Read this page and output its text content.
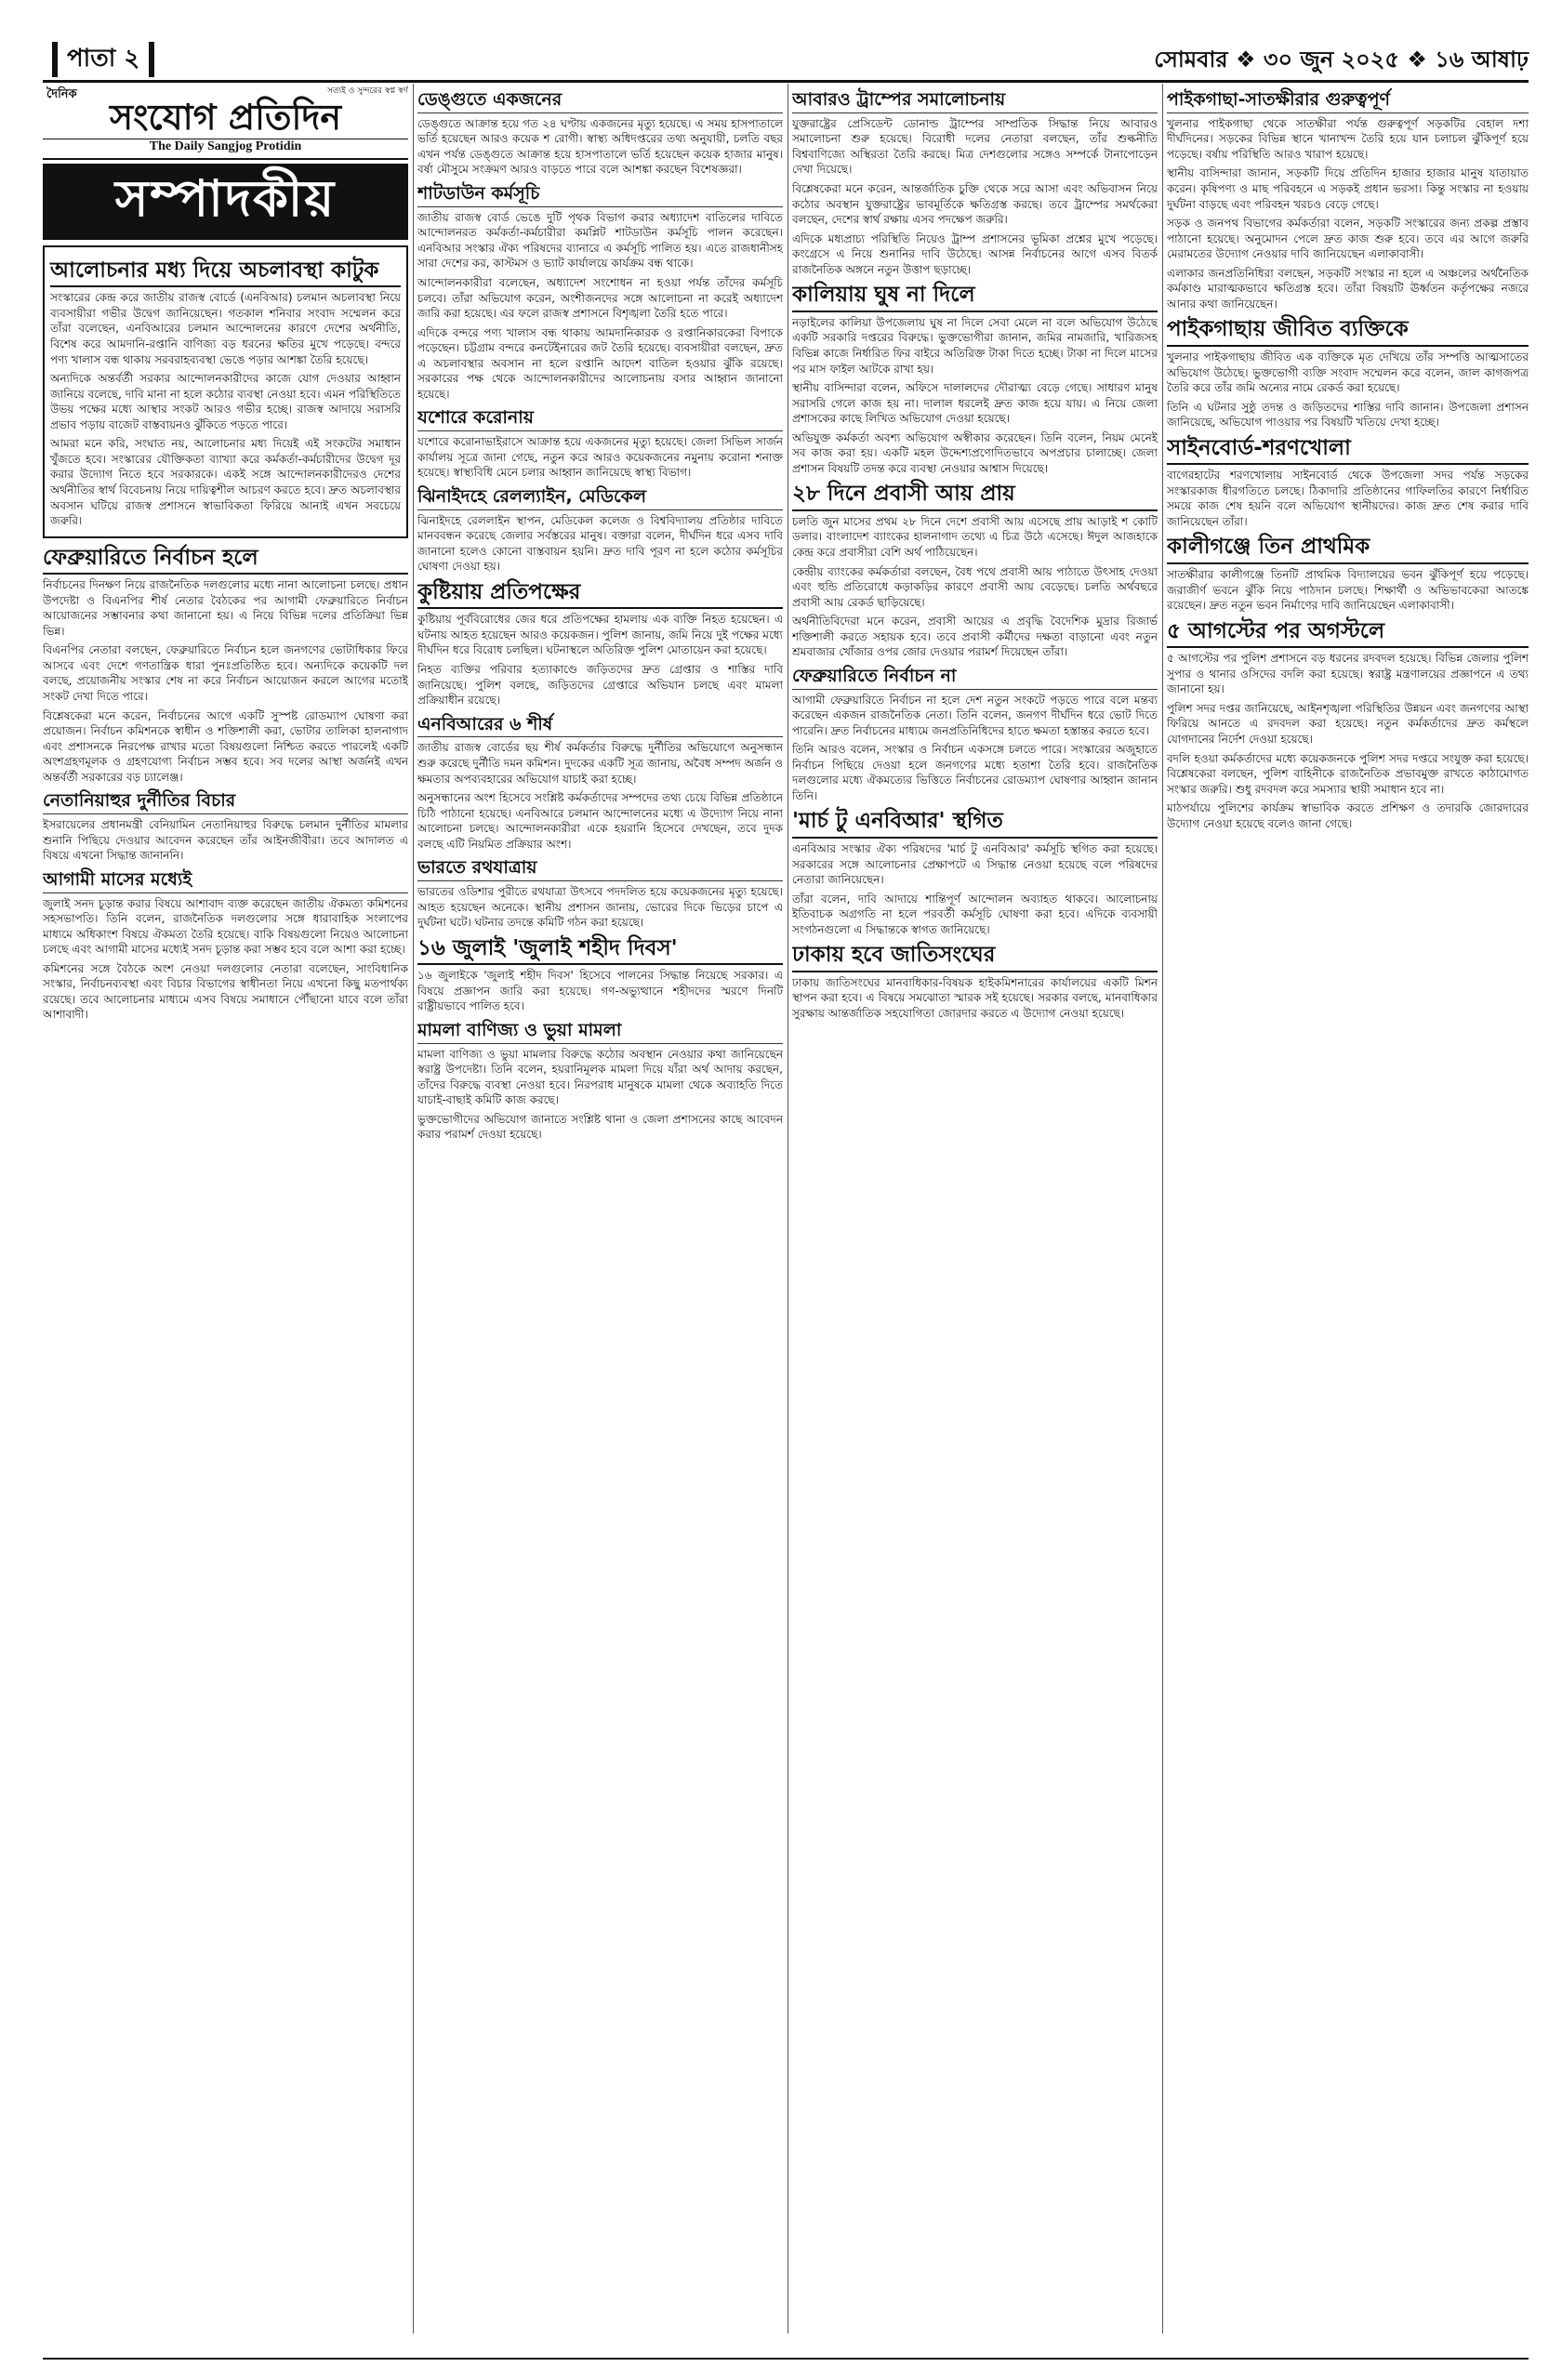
পাতা ২	সোমবার ❖ ৩০ জুন ২০২৫ ❖ ১৬ আষাঢ়
সত্যই ও সুন্দরের স্বপ্ন স্বর্ণ
দৈনিক
সংযোগ প্রতিদিন
The Daily Sangjog Protidin
সম্পাদকীয়
আলোচনার মধ্য দিয়ে অচলাবস্থা কাটুক

সংস্কারের কেন্দ্র করে জাতীয় রাজস্ব বোর্ডে (এনবিআর) চলমান অচলাবস্থা নিয়ে ব্যবসায়ীরা গভীর উদ্বেগ জানিয়েছেন। গতকাল শনিবার সংবাদ সম্মেলন করে তাঁরা বলেছেন, এনবিআরের চলমান আন্দোলনের কারণে দেশের অর্থনীতি, বিশেষ করে আমদানি-রপ্তানি বাণিজ্য বড় ধরনের ক্ষতির মুখে পড়েছে। বন্দরে পণ্য খালাস বন্ধ থাকায় সরবরাহব্যবস্থা ভেঙে পড়ার আশঙ্কা তৈরি হয়েছে।

অন্যদিকে অন্তর্বর্তী সরকার আন্দোলনকারীদের কাজে যোগ দেওয়ার আহ্বান জানিয়ে বলেছে, দাবি মানা না হলে কঠোর ব্যবস্থা নেওয়া হবে। এমন পরিস্থিতিতে উভয় পক্ষের মধ্যে আস্থার সংকট আরও গভীর হচ্ছে। রাজস্ব আদায়ে সরাসরি প্রভাব পড়ায় বাজেট বাস্তবায়নও ঝুঁকিতে পড়তে পারে।

আমরা মনে করি, সংঘাত নয়, আলোচনার মধ্য দিয়েই এই সংকটের সমাধান খুঁজতে হবে। সংস্কারের যৌক্তিকতা ব্যাখ্যা করে কর্মকর্তা-কর্মচারীদের উদ্বেগ দূর করার উদ্যোগ নিতে হবে সরকারকে। একই সঙ্গে আন্দোলনকারীদেরও দেশের অর্থনীতির স্বার্থ বিবেচনায় নিয়ে দায়িত্বশীল আচরণ করতে হবে। দ্রুত অচলাবস্থার অবসান ঘটিয়ে রাজস্ব প্রশাসনে স্বাভাবিকতা ফিরিয়ে আনাই এখন সবচেয়ে জরুরি।

ফেব্রুয়ারিতে নির্বাচন হলে

নির্বাচনের দিনক্ষণ নিয়ে রাজনৈতিক দলগুলোর মধ্যে নানা আলোচনা চলছে। প্রধান উপদেষ্টা ও বিএনপির শীর্ষ নেতার বৈঠকের পর আগামী ফেব্রুয়ারিতে নির্বাচন আয়োজনের সম্ভাবনার কথা জানানো হয়। এ নিয়ে বিভিন্ন দলের প্রতিক্রিয়া ভিন্ন ভিন্ন।

বিএনপির নেতারা বলছেন, ফেব্রুয়ারিতে নির্বাচন হলে জনগণের ভোটাধিকার ফিরে আসবে এবং দেশে গণতান্ত্রিক ধারা পুনঃপ্রতিষ্ঠিত হবে। অন্যদিকে কয়েকটি দল বলছে, প্রয়োজনীয় সংস্কার শেষ না করে নির্বাচন আয়োজন করলে আগের মতোই সংকট দেখা দিতে পারে।

বিশ্লেষকেরা মনে করেন, নির্বাচনের আগে একটি সুস্পষ্ট রোডম্যাপ ঘোষণা করা প্রয়োজন। নির্বাচন কমিশনকে স্বাধীন ও শক্তিশালী করা, ভোটার তালিকা হালনাগাদ এবং প্রশাসনকে নিরপেক্ষ রাখার মতো বিষয়গুলো নিশ্চিত করতে পারলেই একটি অংশগ্রহণমূলক ও গ্রহণযোগ্য নির্বাচন সম্ভব হবে। সব দলের আস্থা অর্জনই এখন অন্তর্বর্তী সরকারের বড় চ্যালেঞ্জ।

নেতানিয়াহুর দুর্নীতির বিচার

ইসরায়েলের প্রধানমন্ত্রী বেনিয়ামিন নেতানিয়াহুর বিরুদ্ধে চলমান দুর্নীতির মামলার শুনানি পিছিয়ে দেওয়ার আবেদন করেছেন তাঁর আইনজীবীরা। তবে আদালত এ বিষয়ে এখনো সিদ্ধান্ত জানাননি।

আগামী মাসের মধ্যেই

জুলাই সনদ চূড়ান্ত করার বিষয়ে আশাবাদ ব্যক্ত করেছেন জাতীয় ঐকমত্য কমিশনের সহসভাপতি। তিনি বলেন, রাজনৈতিক দলগুলোর সঙ্গে ধারাবাহিক সংলাপের মাধ্যমে অধিকাংশ বিষয়ে ঐকমত্য তৈরি হয়েছে। বাকি বিষয়গুলো নিয়েও আলোচনা চলছে এবং আগামী মাসের মধ্যেই সনদ চূড়ান্ত করা সম্ভব হবে বলে আশা করা হচ্ছে।

কমিশনের সঙ্গে বৈঠকে অংশ নেওয়া দলগুলোর নেতারা বলেছেন, সাংবিধানিক সংস্কার, নির্বাচনব্যবস্থা এবং বিচার বিভাগের স্বাধীনতা নিয়ে এখনো কিছু মতপার্থক্য রয়েছে। তবে আলোচনার মাধ্যমে এসব বিষয়ে সমাধানে পৌঁছানো যাবে বলে তাঁরা আশাবাদী।

ডেঙ্গুতে একজনের

ডেঙ্গুতে আক্রান্ত হয়ে গত ২৪ ঘণ্টায় একজনের মৃত্যু হয়েছে। এ সময় হাসপাতালে ভর্তি হয়েছেন আরও কয়েক শ রোগী। স্বাস্থ্য অধিদপ্তরের তথ্য অনুযায়ী, চলতি বছর এখন পর্যন্ত ডেঙ্গুতে আক্রান্ত হয়ে হাসপাতালে ভর্তি হয়েছেন কয়েক হাজার মানুষ। বর্ষা মৌসুমে সংক্রমণ আরও বাড়তে পারে বলে আশঙ্কা করছেন বিশেষজ্ঞরা।

শাটডাউন কর্মসূচি

জাতীয় রাজস্ব বোর্ড ভেঙে দুটি পৃথক বিভাগ করার অধ্যাদেশ বাতিলের দাবিতে আন্দোলনরত কর্মকর্তা-কর্মচারীরা কমপ্লিট শাটডাউন কর্মসূচি পালন করেছেন। এনবিআর সংস্কার ঐক্য পরিষদের ব্যানারে এ কর্মসূচি পালিত হয়। এতে রাজধানীসহ সারা দেশের কর, কাস্টমস ও ভ্যাট কার্যালয়ে কার্যক্রম বন্ধ থাকে।

আন্দোলনকারীরা বলেছেন, অধ্যাদেশ সংশোধন না হওয়া পর্যন্ত তাঁদের কর্মসূচি চলবে। তাঁরা অভিযোগ করেন, অংশীজনদের সঙ্গে আলোচনা না করেই অধ্যাদেশ জারি করা হয়েছে। এর ফলে রাজস্ব প্রশাসনে বিশৃঙ্খলা তৈরি হতে পারে।

এদিকে বন্দরে পণ্য খালাস বন্ধ থাকায় আমদানিকারক ও রপ্তানিকারকেরা বিপাকে পড়েছেন। চট্টগ্রাম বন্দরে কনটেইনারের জট তৈরি হয়েছে। ব্যবসায়ীরা বলছেন, দ্রুত এ অচলাবস্থার অবসান না হলে রপ্তানি আদেশ বাতিল হওয়ার ঝুঁকি রয়েছে। সরকারের পক্ষ থেকে আন্দোলনকারীদের আলোচনায় বসার আহ্বান জানানো হয়েছে।

যশোরে করোনায়

যশোরে করোনাভাইরাসে আক্রান্ত হয়ে একজনের মৃত্যু হয়েছে। জেলা সিভিল সার্জন কার্যালয় সূত্রে জানা গেছে, নতুন করে আরও কয়েকজনের নমুনায় করোনা শনাক্ত হয়েছে। স্বাস্থ্যবিধি মেনে চলার আহ্বান জানিয়েছে স্বাস্থ্য বিভাগ।

ঝিনাইদহে রেলল্যাইন, মেডিকেল

ঝিনাইদহে রেললাইন স্থাপন, মেডিকেল কলেজ ও বিশ্ববিদ্যালয় প্রতিষ্ঠার দাবিতে মানববন্ধন করেছে জেলার সর্বস্তরের মানুষ। বক্তারা বলেন, দীর্ঘদিন ধরে এসব দাবি জানানো হলেও কোনো বাস্তবায়ন হয়নি। দ্রুত দাবি পূরণ না হলে কঠোর কর্মসূচির ঘোষণা দেওয়া হয়।

কুষ্টিয়ায় প্রতিপক্ষের

কুষ্টিয়ায় পূর্ববিরোধের জের ধরে প্রতিপক্ষের হামলায় এক ব্যক্তি নিহত হয়েছেন। এ ঘটনায় আহত হয়েছেন আরও কয়েকজন। পুলিশ জানায়, জমি নিয়ে দুই পক্ষের মধ্যে দীর্ঘদিন ধরে বিরোধ চলছিল। ঘটনাস্থলে অতিরিক্ত পুলিশ মোতায়েন করা হয়েছে।

নিহত ব্যক্তির পরিবার হত্যাকাণ্ডে জড়িতদের দ্রুত গ্রেপ্তার ও শাস্তির দাবি জানিয়েছে। পুলিশ বলছে, জড়িতদের গ্রেপ্তারে অভিযান চলছে এবং মামলা প্রক্রিয়াধীন রয়েছে।

এনবিআরের ৬ শীর্ষ

জাতীয় রাজস্ব বোর্ডের ছয় শীর্ষ কর্মকর্তার বিরুদ্ধে দুর্নীতির অভিযোগে অনুসন্ধান শুরু করেছে দুর্নীতি দমন কমিশন। দুদকের একটি সূত্র জানায়, অবৈধ সম্পদ অর্জন ও ক্ষমতার অপব্যবহারের অভিযোগ যাচাই করা হচ্ছে।

অনুসন্ধানের অংশ হিসেবে সংশ্লিষ্ট কর্মকর্তাদের সম্পদের তথ্য চেয়ে বিভিন্ন প্রতিষ্ঠানে চিঠি পাঠানো হয়েছে। এনবিআরে চলমান আন্দোলনের মধ্যে এ উদ্যোগ নিয়ে নানা আলোচনা চলছে। আন্দোলনকারীরা একে হয়রানি হিসেবে দেখছেন, তবে দুদক বলছে এটি নিয়মিত প্রক্রিয়ার অংশ।

ভারতে রথযাত্রায়

ভারতের ওডিশার পুরীতে রথযাত্রা উৎসবে পদদলিত হয়ে কয়েকজনের মৃত্যু হয়েছে। আহত হয়েছেন অনেকে। স্থানীয় প্রশাসন জানায়, ভোরের দিকে ভিড়ের চাপে এ দুর্ঘটনা ঘটে। ঘটনার তদন্তে কমিটি গঠন করা হয়েছে।

১৬ জুলাই 'জুলাই শহীদ দিবস'

১৬ জুলাইকে 'জুলাই শহীদ দিবস' হিসেবে পালনের সিদ্ধান্ত নিয়েছে সরকার। এ বিষয়ে প্রজ্ঞাপন জারি করা হয়েছে। গণ-অভ্যুত্থানে শহীদদের স্মরণে দিনটি রাষ্ট্রীয়ভাবে পালিত হবে।

মামলা বাণিজ্য ও ভুয়া মামলা

মামলা বাণিজ্য ও ভুয়া মামলার বিরুদ্ধে কঠোর অবস্থান নেওয়ার কথা জানিয়েছেন স্বরাষ্ট্র উপদেষ্টা। তিনি বলেন, হয়রানিমূলক মামলা দিয়ে যাঁরা অর্থ আদায় করছেন, তাঁদের বিরুদ্ধে ব্যবস্থা নেওয়া হবে। নিরপরাধ মানুষকে মামলা থেকে অব্যাহতি দিতে যাচাই-বাছাই কমিটি কাজ করছে।

ভুক্তভোগীদের অভিযোগ জানাতে সংশ্লিষ্ট থানা ও জেলা প্রশাসনের কাছে আবেদন করার পরামর্শ দেওয়া হয়েছে।

আবারও ট্রাম্পের সমালোচনায়

যুক্তরাষ্ট্রের প্রেসিডেন্ট ডোনাল্ড ট্রাম্পের সাম্প্রতিক সিদ্ধান্ত নিয়ে আবারও সমালোচনা শুরু হয়েছে। বিরোধী দলের নেতারা বলছেন, তাঁর শুল্কনীতি বিশ্ববাণিজ্যে অস্থিরতা তৈরি করছে। মিত্র দেশগুলোর সঙ্গেও সম্পর্কে টানাপোড়েন দেখা দিয়েছে।

বিশ্লেষকেরা মনে করেন, আন্তর্জাতিক চুক্তি থেকে সরে আসা এবং অভিবাসন নিয়ে কঠোর অবস্থান যুক্তরাষ্ট্রের ভাবমূর্তিকে ক্ষতিগ্রস্ত করছে। তবে ট্রাম্পের সমর্থকেরা বলছেন, দেশের স্বার্থ রক্ষায় এসব পদক্ষেপ জরুরি।

এদিকে মধ্যপ্রাচ্য পরিস্থিতি নিয়েও ট্রাম্প প্রশাসনের ভূমিকা প্রশ্নের মুখে পড়েছে। কংগ্রেসে এ নিয়ে শুনানির দাবি উঠেছে। আসন্ন নির্বাচনের আগে এসব বিতর্ক রাজনৈতিক অঙ্গনে নতুন উত্তাপ ছড়াচ্ছে।

কালিয়ায় ঘুষ না দিলে

নড়াইলের কালিয়া উপজেলায় ঘুষ না দিলে সেবা মেলে না বলে অভিযোগ উঠেছে একটি সরকারি দপ্তরের বিরুদ্ধে। ভুক্তভোগীরা জানান, জমির নামজারি, খারিজসহ বিভিন্ন কাজে নির্ধারিত ফির বাইরে অতিরিক্ত টাকা দিতে হচ্ছে। টাকা না দিলে মাসের পর মাস ফাইল আটকে রাখা হয়।

স্থানীয় বাসিন্দারা বলেন, অফিসে দালালদের দৌরাত্ম্য বেড়ে গেছে। সাধারণ মানুষ সরাসরি গেলে কাজ হয় না। দালাল ধরলেই দ্রুত কাজ হয়ে যায়। এ নিয়ে জেলা প্রশাসকের কাছে লিখিত অভিযোগ দেওয়া হয়েছে।

অভিযুক্ত কর্মকর্তা অবশ্য অভিযোগ অস্বীকার করেছেন। তিনি বলেন, নিয়ম মেনেই সব কাজ করা হয়। একটি মহল উদ্দেশ্যপ্রণোদিতভাবে অপপ্রচার চালাচ্ছে। জেলা প্রশাসন বিষয়টি তদন্ত করে ব্যবস্থা নেওয়ার আশ্বাস দিয়েছে।

২৮ দিনে প্রবাসী আয় প্রায়

চলতি জুন মাসের প্রথম ২৮ দিনে দেশে প্রবাসী আয় এসেছে প্রায় আড়াই শ কোটি ডলার। বাংলাদেশ ব্যাংকের হালনাগাদ তথ্যে এ চিত্র উঠে এসেছে। ঈদুল আজহাকে কেন্দ্র করে প্রবাসীরা বেশি অর্থ পাঠিয়েছেন।

কেন্দ্রীয় ব্যাংকের কর্মকর্তারা বলছেন, বৈধ পথে প্রবাসী আয় পাঠাতে উৎসাহ দেওয়া এবং হুন্ডি প্রতিরোধে কড়াকড়ির কারণে প্রবাসী আয় বেড়েছে। চলতি অর্থবছরে প্রবাসী আয় রেকর্ড ছাড়িয়েছে।

অর্থনীতিবিদেরা মনে করেন, প্রবাসী আয়ের এ প্রবৃদ্ধি বৈদেশিক মুদ্রার রিজার্ভ শক্তিশালী করতে সহায়ক হবে। তবে প্রবাসী কর্মীদের দক্ষতা বাড়ানো এবং নতুন শ্রমবাজার খোঁজার ওপর জোর দেওয়ার পরামর্শ দিয়েছেন তাঁরা।

ফেব্রুয়ারিতে নির্বাচন না

আগামী ফেব্রুয়ারিতে নির্বাচন না হলে দেশ নতুন সংকটে পড়তে পারে বলে মন্তব্য করেছেন একজন রাজনৈতিক নেতা। তিনি বলেন, জনগণ দীর্ঘদিন ধরে ভোট দিতে পারেনি। দ্রুত নির্বাচনের মাধ্যমে জনপ্রতিনিধিদের হাতে ক্ষমতা হস্তান্তর করতে হবে।

তিনি আরও বলেন, সংস্কার ও নির্বাচন একসঙ্গে চলতে পারে। সংস্কারের অজুহাতে নির্বাচন পিছিয়ে দেওয়া হলে জনগণের মধ্যে হতাশা তৈরি হবে। রাজনৈতিক দলগুলোর মধ্যে ঐকমত্যের ভিত্তিতে নির্বাচনের রোডম্যাপ ঘোষণার আহ্বান জানান তিনি।

'মার্চ টু এনবিআর' স্থগিত

এনবিআর সংস্কার ঐক্য পরিষদের 'মার্চ টু এনবিআর' কর্মসূচি স্থগিত করা হয়েছে। সরকারের সঙ্গে আলোচনার প্রেক্ষাপটে এ সিদ্ধান্ত নেওয়া হয়েছে বলে পরিষদের নেতারা জানিয়েছেন।

তাঁরা বলেন, দাবি আদায়ে শান্তিপূর্ণ আন্দোলন অব্যাহত থাকবে। আলোচনায় ইতিবাচক অগ্রগতি না হলে পরবর্তী কর্মসূচি ঘোষণা করা হবে। এদিকে ব্যবসায়ী সংগঠনগুলো এ সিদ্ধান্তকে স্বাগত জানিয়েছে।

ঢাকায় হবে জাতিসংঘের

ঢাকায় জাতিসংঘের মানবাধিকার-বিষয়ক হাইকমিশনারের কার্যালয়ের একটি মিশন স্থাপন করা হবে। এ বিষয়ে সমঝোতা স্মারক সই হয়েছে। সরকার বলছে, মানবাধিকার সুরক্ষায় আন্তর্জাতিক সহযোগিতা জোরদার করতে এ উদ্যোগ নেওয়া হয়েছে।

পাইকগাছা-সাতক্ষীরার গুরুত্বপূর্ণ

খুলনার পাইকগাছা থেকে সাতক্ষীরা পর্যন্ত গুরুত্বপূর্ণ সড়কটির বেহাল দশা দীর্ঘদিনের। সড়কের বিভিন্ন স্থানে খানাখন্দ তৈরি হয়ে যান চলাচল ঝুঁকিপূর্ণ হয়ে পড়েছে। বর্ষায় পরিস্থিতি আরও খারাপ হয়েছে।

স্থানীয় বাসিন্দারা জানান, সড়কটি দিয়ে প্রতিদিন হাজার হাজার মানুষ যাতায়াত করেন। কৃষিপণ্য ও মাছ পরিবহনে এ সড়কই প্রধান ভরসা। কিন্তু সংস্কার না হওয়ায় দুর্ঘটনা বাড়ছে এবং পরিবহন খরচও বেড়ে গেছে।

সড়ক ও জনপথ বিভাগের কর্মকর্তারা বলেন, সড়কটি সংস্কারের জন্য প্রকল্প প্রস্তাব পাঠানো হয়েছে। অনুমোদন পেলে দ্রুত কাজ শুরু হবে। তবে এর আগে জরুরি মেরামতের উদ্যোগ নেওয়ার দাবি জানিয়েছেন এলাকাবাসী।

এলাকার জনপ্রতিনিধিরা বলছেন, সড়কটি সংস্কার না হলে এ অঞ্চলের অর্থনৈতিক কর্মকাণ্ড মারাত্মকভাবে ক্ষতিগ্রস্ত হবে। তাঁরা বিষয়টি ঊর্ধ্বতন কর্তৃপক্ষের নজরে আনার কথা জানিয়েছেন।

পাইকগাছায় জীবিত ব্যক্তিকে

খুলনার পাইকগাছায় জীবিত এক ব্যক্তিকে মৃত দেখিয়ে তাঁর সম্পত্তি আত্মসাতের অভিযোগ উঠেছে। ভুক্তভোগী ব্যক্তি সংবাদ সম্মেলন করে বলেন, জাল কাগজপত্র তৈরি করে তাঁর জমি অন্যের নামে রেকর্ড করা হয়েছে।

তিনি এ ঘটনার সুষ্ঠু তদন্ত ও জড়িতদের শাস্তির দাবি জানান। উপজেলা প্রশাসন জানিয়েছে, অভিযোগ পাওয়ার পর বিষয়টি খতিয়ে দেখা হচ্ছে।

সাইনবোর্ড-শরণখোলা

বাগেরহাটের শরণখোলায় সাইনবোর্ড থেকে উপজেলা সদর পর্যন্ত সড়কের সংস্কারকাজ ধীরগতিতে চলছে। ঠিকাদারি প্রতিষ্ঠানের গাফিলতির কারণে নির্ধারিত সময়ে কাজ শেষ হয়নি বলে অভিযোগ স্থানীয়দের। কাজ দ্রুত শেষ করার দাবি জানিয়েছেন তাঁরা।

কালীগঞ্জে তিন প্রাথমিক

সাতক্ষীরার কালীগঞ্জে তিনটি প্রাথমিক বিদ্যালয়ের ভবন ঝুঁকিপূর্ণ হয়ে পড়েছে। জরাজীর্ণ ভবনে ঝুঁকি নিয়ে পাঠদান চলছে। শিক্ষার্থী ও অভিভাবকেরা আতঙ্কে রয়েছেন। দ্রুত নতুন ভবন নির্মাণের দাবি জানিয়েছেন এলাকাবাসী।

৫ আগস্টের পর অগস্টলে

৫ আগস্টের পর পুলিশ প্রশাসনে বড় ধরনের রদবদল হয়েছে। বিভিন্ন জেলার পুলিশ সুপার ও থানার ওসিদের বদলি করা হয়েছে। স্বরাষ্ট্র মন্ত্রণালয়ের প্রজ্ঞাপনে এ তথ্য জানানো হয়।

পুলিশ সদর দপ্তর জানিয়েছে, আইনশৃঙ্খলা পরিস্থিতির উন্নয়ন এবং জনগণের আস্থা ফিরিয়ে আনতে এ রদবদল করা হয়েছে। নতুন কর্মকর্তাদের দ্রুত কর্মস্থলে যোগদানের নির্দেশ দেওয়া হয়েছে।

বদলি হওয়া কর্মকর্তাদের মধ্যে কয়েকজনকে পুলিশ সদর দপ্তরে সংযুক্ত করা হয়েছে। বিশ্লেষকেরা বলছেন, পুলিশ বাহিনীকে রাজনৈতিক প্রভাবমুক্ত রাখতে কাঠামোগত সংস্কার জরুরি। শুধু রদবদল করে সমস্যার স্থায়ী সমাধান হবে না।

মাঠপর্যায়ে পুলিশের কার্যক্রম স্বাভাবিক করতে প্রশিক্ষণ ও তদারকি জোরদারের উদ্যোগ নেওয়া হয়েছে বলেও জানা গেছে।
